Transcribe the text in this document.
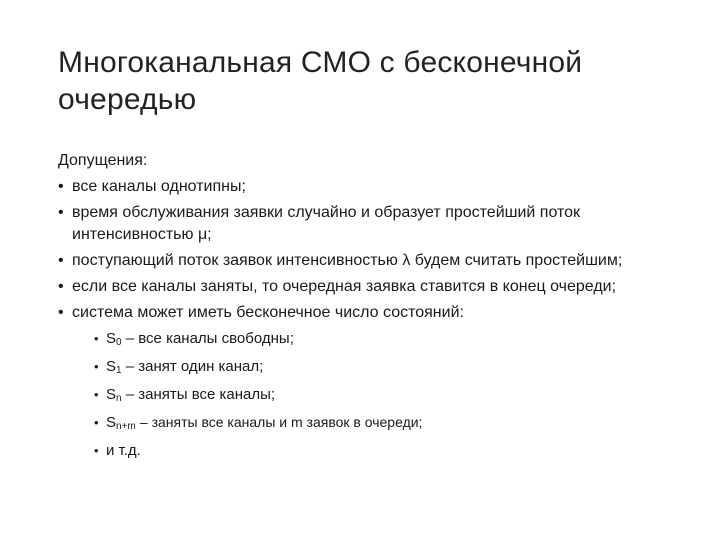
Многоканальная СМО с бесконечной очередью
Допущения:
• все каналы однотипны;
• время обслуживания заявки случайно и образует простейший поток интенсивностью μ;
• поступающий поток заявок интенсивностью λ будем считать простейшим;
• если все каналы заняты, то очередная заявка ставится в конец очереди;
• система может иметь бесконечное число состояний:
• $S_0$ – все каналы свободны;
• $S_1$ – занят один канал;
• $S_n$ – заняты все каналы;
• $S_{n+m}$ – заняты все каналы и m заявок в очереди;
• и т.д.
